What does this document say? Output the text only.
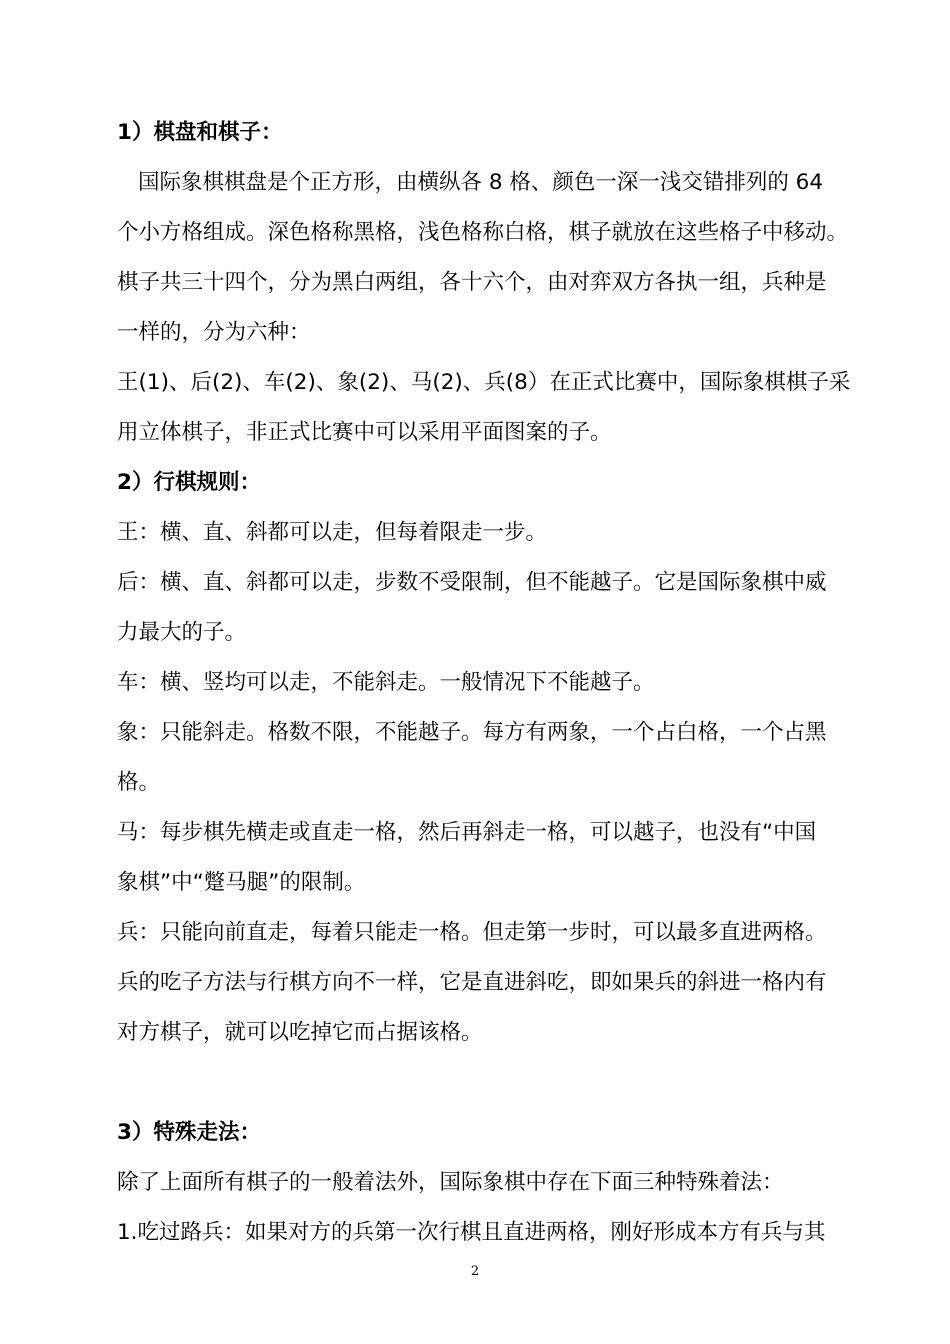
1）棋盘和棋子：
国际象棋棋盘是个正方形，由横纵各 8 格、颜色一深一浅交错排列的 64
个小方格组成。深色格称黑格，浅色格称白格，棋子就放在这些格子中移动。
棋子共三十四个，分为黑白两组，各十六个，由对弈双方各执一组，兵种是
一样的，分为六种：
王(1)、后(2)、车(2)、象(2)、马(2)、兵(8）在正式比赛中，国际象棋棋子采
用立体棋子，非正式比赛中可以采用平面图案的子。
2）行棋规则：
王：横、直、斜都可以走，但每着限走一步。
后：横、直、斜都可以走，步数不受限制，但不能越子。它是国际象棋中威
力最大的子。
车：横、竖均可以走，不能斜走。一般情况下不能越子。
象：只能斜走。格数不限，不能越子。每方有两象，一个占白格，一个占黑
格。
马：每步棋先横走或直走一格，然后再斜走一格，可以越子，也没有“中国
象棋”中“蹩马腿”的限制。
兵：只能向前直走，每着只能走一格。但走第一步时，可以最多直进两格。
兵的吃子方法与行棋方向不一样，它是直进斜吃，即如果兵的斜进一格内有
对方棋子，就可以吃掉它而占据该格。
3）特殊走法：
除了上面所有棋子的一般着法外，国际象棋中存在下面三种特殊着法：
1.吃过路兵：如果对方的兵第一次行棋且直进两格，刚好形成本方有兵与其
2
